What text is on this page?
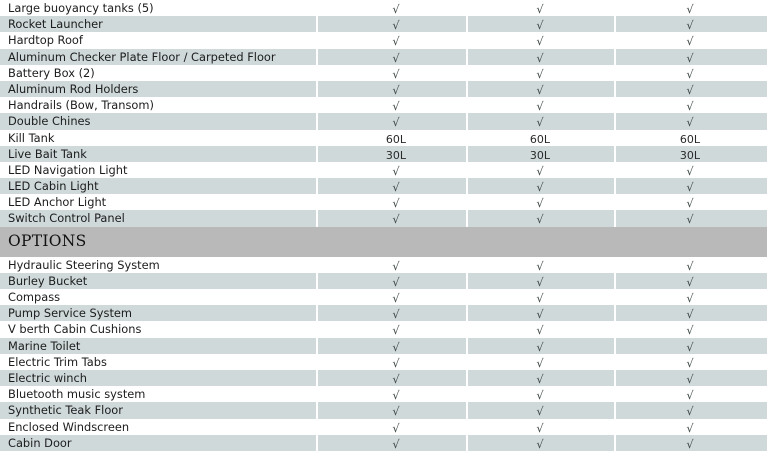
Large buoyancy tanks (5)	√	√	√
Rocket Launcher	√	√	√
Hardtop Roof	√	√	√
Aluminum Checker Plate Floor / Carpeted Floor	√	√	√
Battery Box (2)	√	√	√
Aluminum Rod Holders	√	√	√
Handrails (Bow, Transom)	√	√	√
Double Chines	√	√	√
Kill Tank	60L	60L	60L
Live Bait Tank	30L	30L	30L
LED Navigation Light	√	√	√
LED Cabin Light	√	√	√
LED Anchor Light	√	√	√
Switch Control Panel	√	√	√
OPTIONS
Hydraulic Steering System	√	√	√
Burley Bucket	√	√	√
Compass	√	√	√
Pump Service System	√	√	√
V berth Cabin Cushions	√	√	√
Marine Toilet	√	√	√
Electric Trim Tabs	√	√	√
Electric winch	√	√	√
Bluetooth music system	√	√	√
Synthetic Teak Floor	√	√	√
Enclosed Windscreen	√	√	√
Cabin Door	√	√	√
